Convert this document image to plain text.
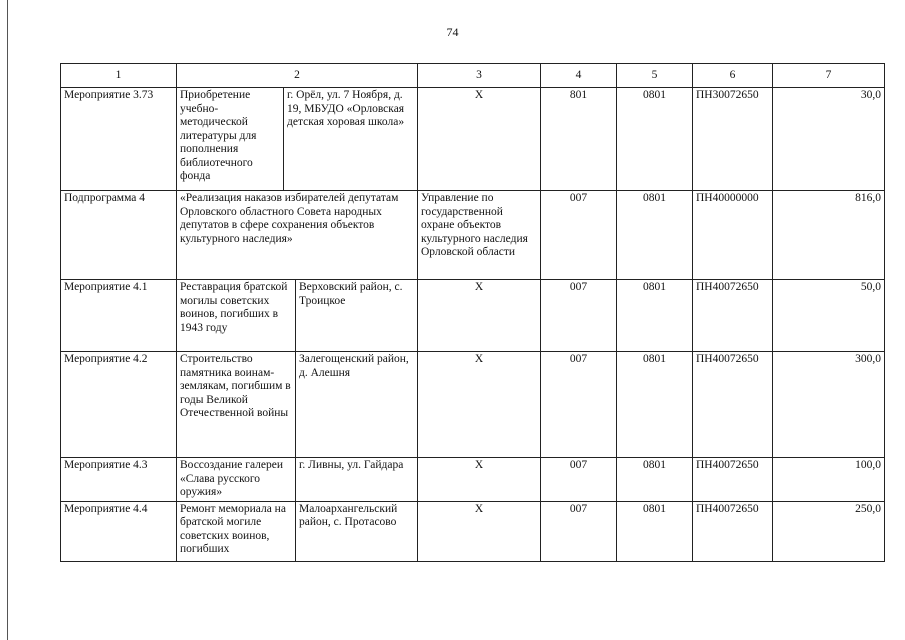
74
1	2			3	4	5	6	7
Мероприятие 3.73	Приобретение учебно-методической литературы для пополнения библиотечного фонда	г. Орёл, ул. 7 Ноября, д. 19, МБУДО «Орловская детская хоровая школа»		X	801	0801	ПН30072650	30,0
Подпрограмма 4	«Реализация наказов избирателей депутатам Орловского областного Совета народных депутатов в сфере сохранения объектов культурного наследия»			Управление по государственной охране объектов культурного наследия Орловской области	007	0801	ПН40000000	816,0
Мероприятие 4.1	Реставрация братской могилы советских воинов, погибших в 1943 году		Верховский район, с. Троицкое	X	007	0801	ПН40072650	50,0
Мероприятие 4.2	Строительство памятника воинам-землякам, погибшим в годы Великой Отечественной войны		Залегощенский район, д. Алешня	X	007	0801	ПН40072650	300,0
Мероприятие 4.3	Воссоздание галереи «Слава русского оружия»		г. Ливны, ул. Гайдара	X	007	0801	ПН40072650	100,0
Мероприятие 4.4	Ремонт мемориала на братской могиле советских воинов, погибших		Малоархангельский район, с. Протасово	X	007	0801	ПН40072650	250,0
